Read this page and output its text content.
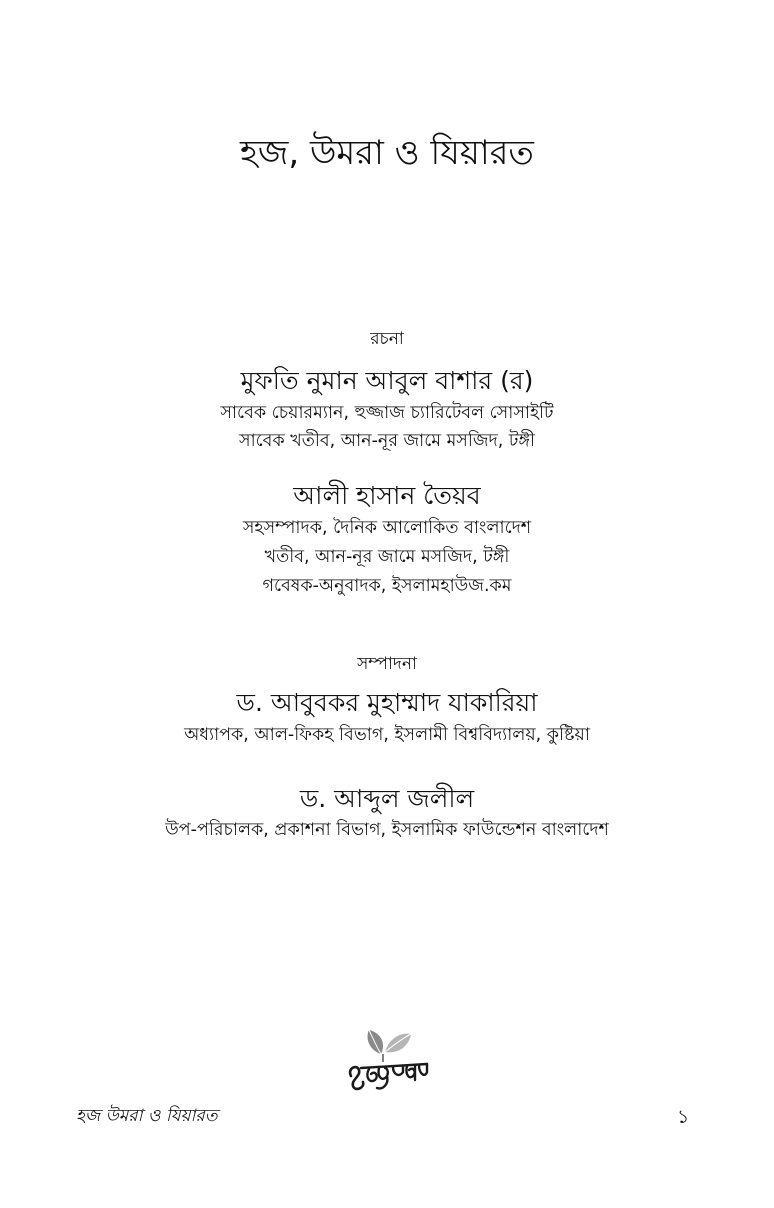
হজ, উমরা ও যিয়ারত
রচনা
মুফতি নুমান আবুল বাশার (র)
সাবেক চেয়ারম্যান, হুজ্জাজ চ্যারিটেবল সোসাইটি
সাবেক খতীব, আন-নূর জামে মসজিদ, টঙ্গী
আলী হাসান তৈয়ব
সহসম্পাদক, দৈনিক আলোকিত বাংলাদেশ
খতীব, আন-নূর জামে মসজিদ, টঙ্গী
গবেষক-অনুবাদক, ইসলামহাউজ.কম
সম্পাদনা
ড. আবুবকর মুহাম্মাদ যাকারিয়া
অধ্যাপক, আল-ফিকহ বিভাগ, ইসলামী বিশ্ববিদ্যালয়, কুষ্টিয়া
ড. আব্দুল জলীল
উপ-পরিচালক, প্রকাশনা বিভাগ, ইসলামিক ফাউন্ডেশন বাংলাদেশ
হজ উমরা ও যিয়ারত	১
